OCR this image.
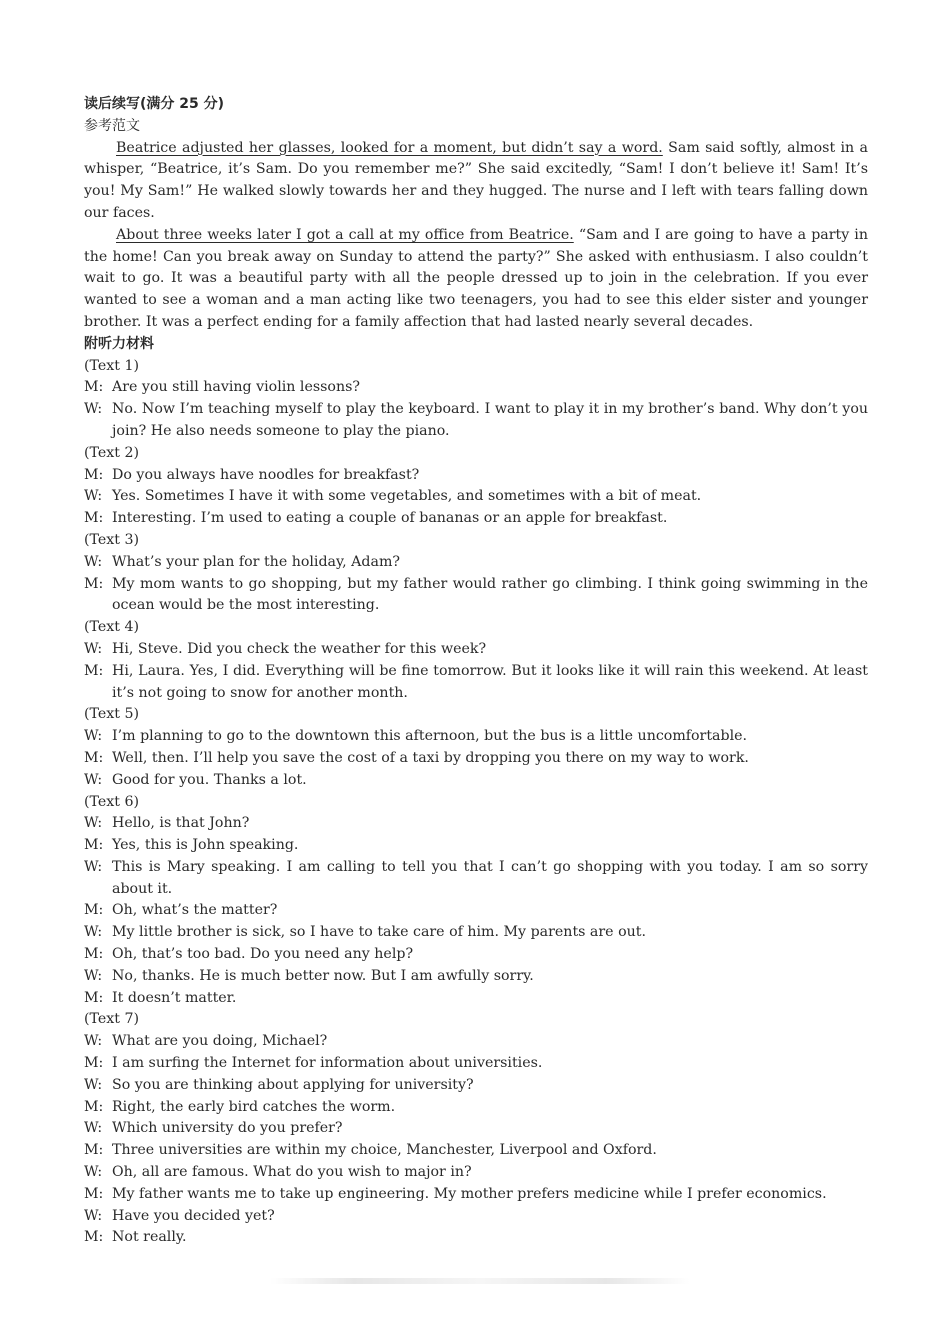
读后续写(满分 25 分)

参考范文

Beatrice adjusted her glasses, looked for a moment, but didn’t say a word. Sam said softly, almost in a whisper, “Beatrice, it’s Sam. Do you remember me?” She said excitedly, “Sam! I don’t believe it! Sam! It’s you! My Sam!” He walked slowly towards her and they hugged. The nurse and I left with tears falling down our faces.

About three weeks later I got a call at my office from Beatrice. “Sam and I are going to have a party in the home! Can you break away on Sunday to attend the party?” She asked with enthusiasm. I also couldn’t wait to go. It was a beautiful party with all the people dressed up to join in the celebration. If you ever wanted to see a woman and a man acting like two teenagers, you had to see this elder sister and younger brother. It was a perfect ending for a family affection that had lasted nearly several decades.

附听力材料

(Text 1)

M: Are you still having violin lessons?
W: No. Now I’m teaching myself to play the keyboard. I want to play it in my brother’s band. Why don’t you join? He also needs someone to play the piano.

(Text 2)

M: Do you always have noodles for breakfast?
W: Yes. Sometimes I have it with some vegetables, and sometimes with a bit of meat.
M: Interesting. I’m used to eating a couple of bananas or an apple for breakfast.

(Text 3)

W: What’s your plan for the holiday, Adam?
M: My mom wants to go shopping, but my father would rather go climbing. I think going swimming in the ocean would be the most interesting.

(Text 4)

W: Hi, Steve. Did you check the weather for this week?
M: Hi, Laura. Yes, I did. Everything will be fine tomorrow. But it looks like it will rain this weekend. At least it’s not going to snow for another month.

(Text 5)

W: I’m planning to go to the downtown this afternoon, but the bus is a little uncomfortable.
M: Well, then. I’ll help you save the cost of a taxi by dropping you there on my way to work.
W: Good for you. Thanks a lot.

(Text 6)

W: Hello, is that John?
M: Yes, this is John speaking.
W: This is Mary speaking. I am calling to tell you that I can’t go shopping with you today. I am so sorry about it.
M: Oh, what’s the matter?
W: My little brother is sick, so I have to take care of him. My parents are out.
M: Oh, that’s too bad. Do you need any help?
W: No, thanks. He is much better now. But I am awfully sorry.
M: It doesn’t matter.

(Text 7)

W: What are you doing, Michael?
M: I am surfing the Internet for information about universities.
W: So you are thinking about applying for university?
M: Right, the early bird catches the worm.
W: Which university do you prefer?
M: Three universities are within my choice, Manchester, Liverpool and Oxford.
W: Oh, all are famous. What do you wish to major in?
M: My father wants me to take up engineering. My mother prefers medicine while I prefer economics.
W: Have you decided yet?
M: Not really.
